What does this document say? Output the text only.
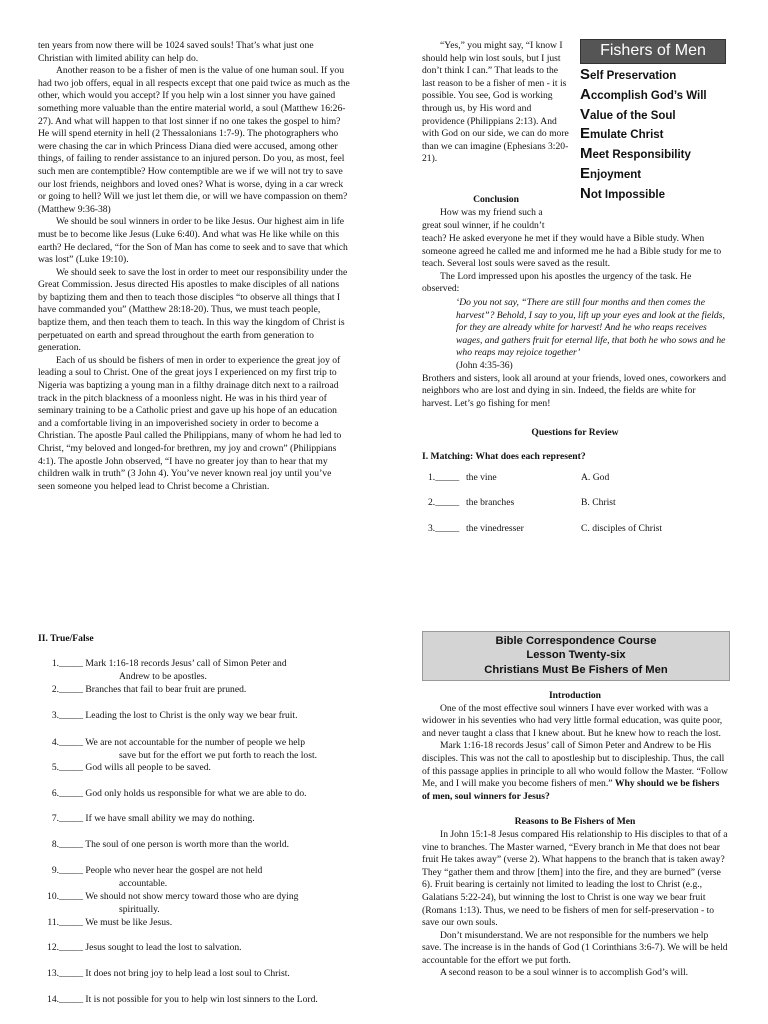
ten years from now there will be 1024 saved souls! That’s what just one Christian with limited ability can help do.

Another reason to be a fisher of men is the value of one human soul. If you had two job offers, equal in all respects except that one paid twice as much as the other, which would you accept? If you help win a lost sinner you have gained something more valuable than the entire material world, a soul (Matthew 16:26-27). And what will happen to that lost sinner if no one takes the gospel to him? He will spend eternity in hell (2 Thessalonians 1:7-9). The photographers who were chasing the car in which Princess Diana died were accused, among other things, of failing to render assistance to an injured person. Do you, as most, feel such men are contemptible? How contemptible are we if we will not try to save our lost friends, neighbors and loved ones? What is worse, dying in a car wreck or going to hell? Will we just let them die, or will we have compassion on them? (Matthew 9:36-38)

We should be soul winners in order to be like Jesus. Our highest aim in life must be to become like Jesus (Luke 6:40). And what was He like while on this earth? He declared, “for the Son of Man has come to seek and to save that which was lost” (Luke 19:10).

We should seek to save the lost in order to meet our responsibility under the Great Commission. Jesus directed His apostles to make disciples of all nations by baptizing them and then to teach those disciples “to observe all things that I have commanded you” (Matthew 28:18-20). Thus, we must teach people, baptize them, and then teach them to teach. In this way the kingdom of Christ is perpetuated on earth and spread throughout the earth from generation to generation.

Each of us should be fishers of men in order to experience the great joy of leading a soul to Christ. One of the great joys I experienced on my first trip to Nigeria was baptizing a young man in a filthy drainage ditch next to a railroad track in the pitch blackness of a moonless night. He was in his third year of seminary training to be a Catholic priest and gave up his hope of an education and a comfortable living in an impoverished society in order to become a Christian. The apostle Paul called the Philippians, many of whom he had led to Christ, “my beloved and longed-for brethren, my joy and crown” (Philippians 4:1). The apostle John observed, “I have no greater joy than to hear that my children walk in truth” (3 John 4). You’ve never known real joy until you’ve seen someone you helped lead to Christ become a Christian.

“Yes,” you might say, “I know I should help win lost souls, but I just don’t think I can.” That leads to the last reason to be a fisher of men - it is possible. You see, God is working through us, by His word and providence (Philippians 2:13). And with God on our side, we can do more than we can imagine (Ephesians 3:20-21).

Fishers of Men
Self Preservation
Accomplish God’s Will
Value of the Soul
Emulate Christ
Meet Responsibility
Enjoyment
Not Impossible
Conclusion
How was my friend such a great soul winner, if he couldn’t

teach? He asked everyone he met if they would have a Bible study. When someone agreed he called me and informed me he had a Bible study for me to teach. Several lost souls were saved as the result.

The Lord impressed upon his apostles the urgency of the task. He observed:

‘Do you not say, “There are still four months and then comes the harvest”? Behold, I say to you, lift up your eyes and look at the fields, for they are already white for harvest! And he who reaps receives wages, and gathers fruit for eternal life, that both he who sows and he who reaps may rejoice together’

(John 4:35-36)

Brothers and sisters, look all around at your friends, loved ones, coworkers and neighbors who are lost and dying in sin. Indeed, the fields are white for harvest. Let’s go fishing for men!

Questions for Review
I. Matching: What does each represent?
1._____ the vine	A. God
2._____ the branches	B. Christ
3._____ the vinedresser	C. disciples of Christ
II. True/False
1._____ Mark 1:16-18 records Jesus’ call of Simon Peter and
Andrew to be apostles.
2._____ Branches that fail to bear fruit are pruned.
3._____ Leading the lost to Christ is the only way we bear fruit.
4._____ We are not accountable for the number of people we help
save but for the effort we put forth to reach the lost.
5._____ God wills all people to be saved.
6._____ God only holds us responsible for what we are able to do.
7._____ If we have small ability we may do nothing.
8._____ The soul of one person is worth more than the world.
9._____ People who never hear the gospel are not held
accountable.
10._____ We should not show mercy toward those who are dying
spiritually.
11._____ We must be like Jesus.
12._____ Jesus sought to lead the lost to salvation.
13._____ It does not bring joy to help lead a lost soul to Christ.
14._____ It is not possible for you to help win lost sinners to the Lord.
Bible Correspondence Course
Lesson Twenty-six
Christians Must Be Fishers of Men

Introduction

One of the most effective soul winners I have ever worked with was a widower in his seventies who had very little formal education, was quite poor, and never taught a class that I knew about. But he knew how to reach the lost.

Mark 1:16-18 records Jesus’ call of Simon Peter and Andrew to be His disciples. This was not the call to apostleship but to discipleship. Thus, the call of this passage applies in principle to all who would follow the Master. “Follow Me, and I will make you become fishers of men.” Why should we be fishers of men, soul winners for Jesus?

Reasons to Be Fishers of Men

In John 15:1-8 Jesus compared His relationship to His disciples to that of a vine to branches. The Master warned, “Every branch in Me that does not bear fruit He takes away” (verse 2). What happens to the branch that is taken away? They “gather them and throw [them] into the fire, and they are burned” (verse 6). Fruit bearing is certainly not limited to leading the lost to Christ (e.g., Galatians 5:22-24), but winning the lost to Christ is one way we bear fruit (Romans 1:13). Thus, we need to be fishers of men for self-preservation - to save our own souls.

Don’t misunderstand. We are not responsible for the numbers we help save. The increase is in the hands of God (1 Corinthians 3:6-7). We will be held accountable for the effort we put forth.

A second reason to be a soul winner is to accomplish God’s will.
